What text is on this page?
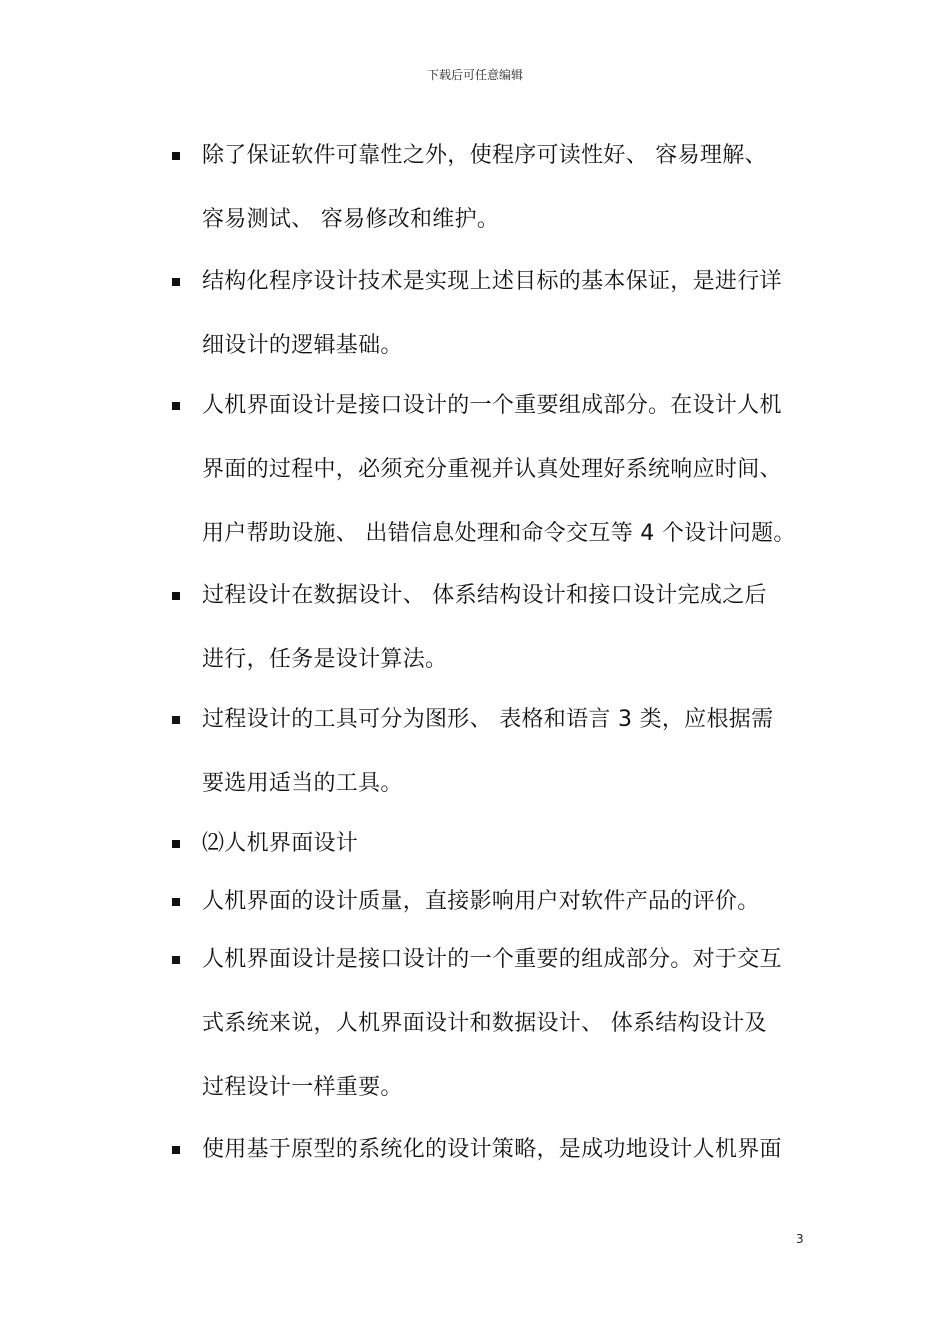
下载后可任意编辑
除了保证软件可靠性之外，使程序可读性好、 容易理解、
容易测试、 容易修改和维护。
结构化程序设计技术是实现上述目标的基本保证，是进行详
细设计的逻辑基础。
人机界面设计是接口设计的一个重要组成部分。在设计人机
界面的过程中，必须充分重视并认真处理好系统响应时间、
用户帮助设施、 出错信息处理和命令交互等 4 个设计问题。
过程设计在数据设计、 体系结构设计和接口设计完成之后
进行，任务是设计算法。
过程设计的工具可分为图形、 表格和语言 3 类，应根据需
要选用适当的工具。
⑵人机界面设计
人机界面的设计质量，直接影响用户对软件产品的评价。
人机界面设计是接口设计的一个重要的组成部分。对于交互
式系统来说，人机界面设计和数据设计、 体系结构设计及
过程设计一样重要。
使用基于原型的系统化的设计策略，是成功地设计人机界面
3
